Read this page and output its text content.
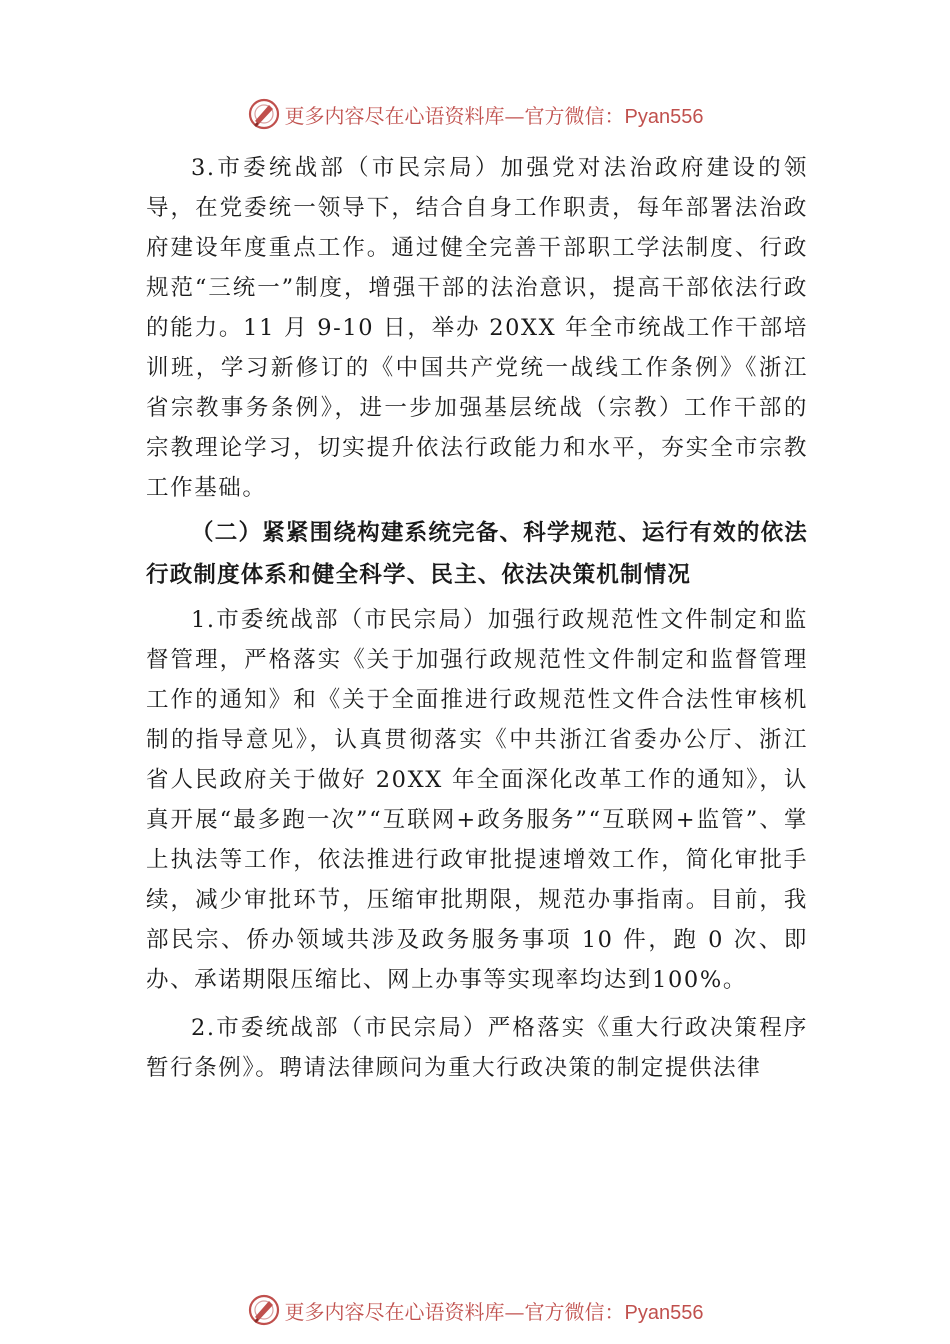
更多内容尽在心语资料库—官方微信：Pyan556

3.市委统战部（市民宗局）加强党对法治政府建设的领导，在党委统一领导下，结合自身工作职责，每年部署法治政府建设年度重点工作。通过健全完善干部职工学法制度、行政规范“三统一”制度，增强干部的法治意识，提高干部依法行政的能力。11 月 9-10 日，举办 20XX 年全市统战工作干部培训班，学习新修订的《中国共产党统一战线工作条例》《浙江省宗教事务条例》，进一步加强基层统战（宗教）工作干部的宗教理论学习，切实提升依法行政能力和水平，夯实全市宗教工作基础。

（二）紧紧围绕构建系统完备、科学规范、运行有效的依法行政制度体系和健全科学、民主、依法决策机制情况

1.市委统战部（市民宗局）加强行政规范性文件制定和监督管理，严格落实《关于加强行政规范性文件制定和监督管理工作的通知》和《关于全面推进行政规范性文件合法性审核机制的指导意见》，认真贯彻落实《中共浙江省委办公厅、浙江省人民政府关于做好 20XX 年全面深化改革工作的通知》，认真开展“最多跑一次”“互联网+政务服务”“互联网+监管”、掌上执法等工作，依法推进行政审批提速增效工作，简化审批手续，减少审批环节，压缩审批期限，规范办事指南。目前，我部民宗、侨办领域共涉及政务服务事项 10 件，跑 0 次、即办、承诺期限压缩比、网上办事等实现率均达到100%。

2.市委统战部（市民宗局）严格落实《重大行政决策程序暂行条例》。聘请法律顾问为重大行政决策的制定提供法律

更多内容尽在心语资料库—官方微信：Pyan556
